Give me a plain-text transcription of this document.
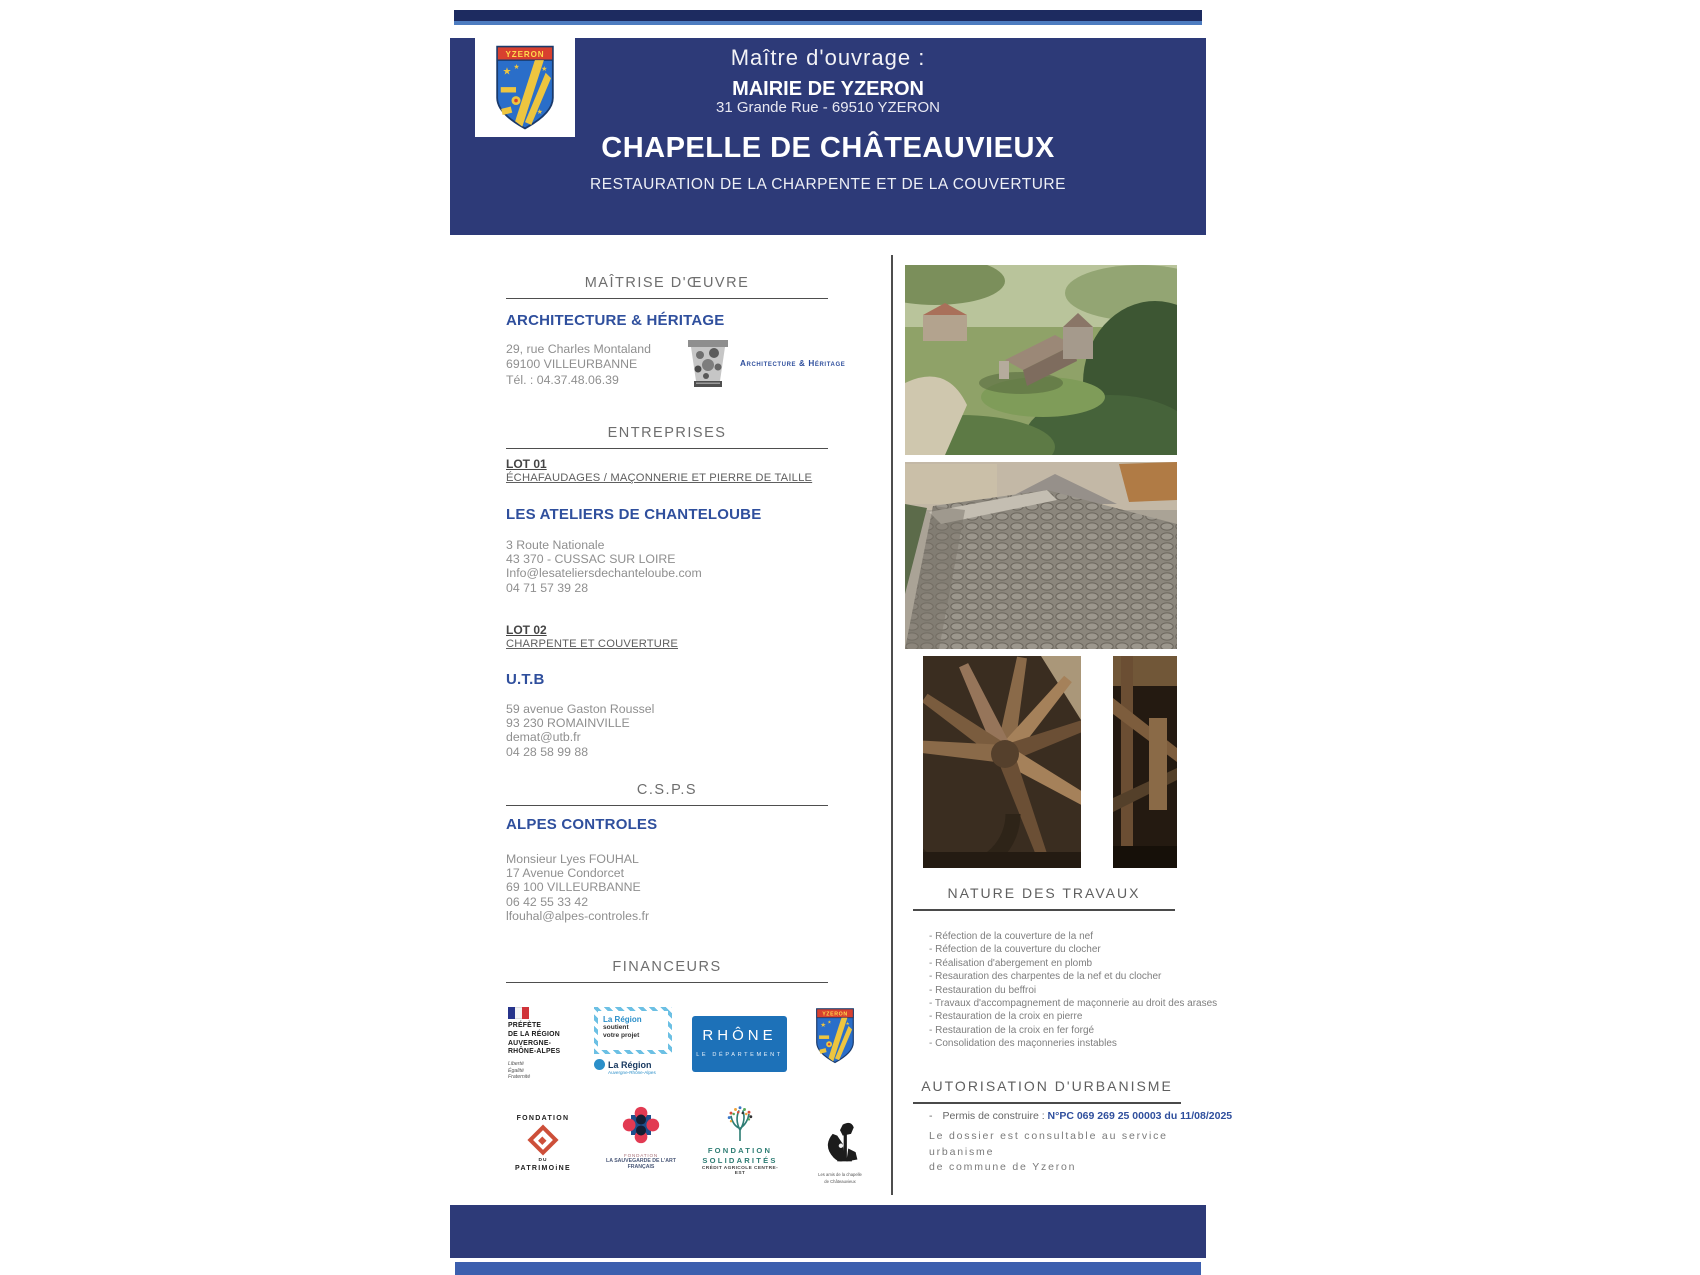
YZERON
★ ★	★
★
Maître d'ouvrage :
MAIRIE DE YZERON
31 Grande Rue - 69510 YZERON
CHAPELLE DE CHÂTEAUVIEUX
RESTAURATION DE LA CHARPENTE ET DE LA COUVERTURE
MAÎTRISE D'ŒUVRE
ARCHITECTURE & HÉRITAGE
29, rue Charles Montaland
69100 VILLEURBANNE
Tél. : 04.37.48.06.39
Architecture & Héritage
ENTREPRISES
LOT 01
ÉCHAFAUDAGES / MAÇONNERIE ET PIERRE DE TAILLE
LES ATELIERS DE CHANTELOUBE
3 Route Nationale
43 370 - CUSSAC SUR LOIRE
Info@lesateliersdechanteloube.com
04 71 57 39 28
LOT 02
CHARPENTE ET COUVERTURE
U.T.B
59 avenue Gaston Roussel
93 230 ROMAINVILLE
demat@utb.fr
04 28 58 99 88
C.S.P.S
ALPES CONTROLES
Monsieur Lyes FOUHAL
17 Avenue Condorcet
69 100 VILLEURBANNE
06 42 55 33 42
lfouhal@alpes-controles.fr
FINANCEURS
PRÉFÈTE
DE LA RÉGION
AUVERGNE-
RHÔNE-ALPES
Liberté
Égalité
Fraternité
La Région
soutient
votre projet
La Région
Auvergne-Rhône-Alpes
RHÔNE
LE DÉPARTEMENT
YZERON
★
★ ★
FONDATION
DU
PATRIMOiNE
FONDATION
LA SAUVEGARDE DE L'ART
FRANÇAIS
FONDATION
SOLIDARITÉS
CRÉDIT AGRICOLE CENTRE-EST	Les amis de la chapelle
de Châteauvieux
NATURE DES TRAVAUX
- Réfection de la couverture de la nef
- Réfection de la couverture du clocher
- Réalisation d'abergement en plomb
- Resauration des charpentes de la nef et du clocher
- Restauration du beffroi
- Travaux d'accompagnement de maçonnerie au droit des arases
- Restauration de la croix en pierre
- Restauration de la croix en fer forgé
- Consolidation des maçonneries instables
AUTORISATION D'URBANISME
- Permis de construire : N°PC 069 269 25 00003 du 11/08/2025
Le dossier est consultable au service urbanisme
de commune de Yzeron
